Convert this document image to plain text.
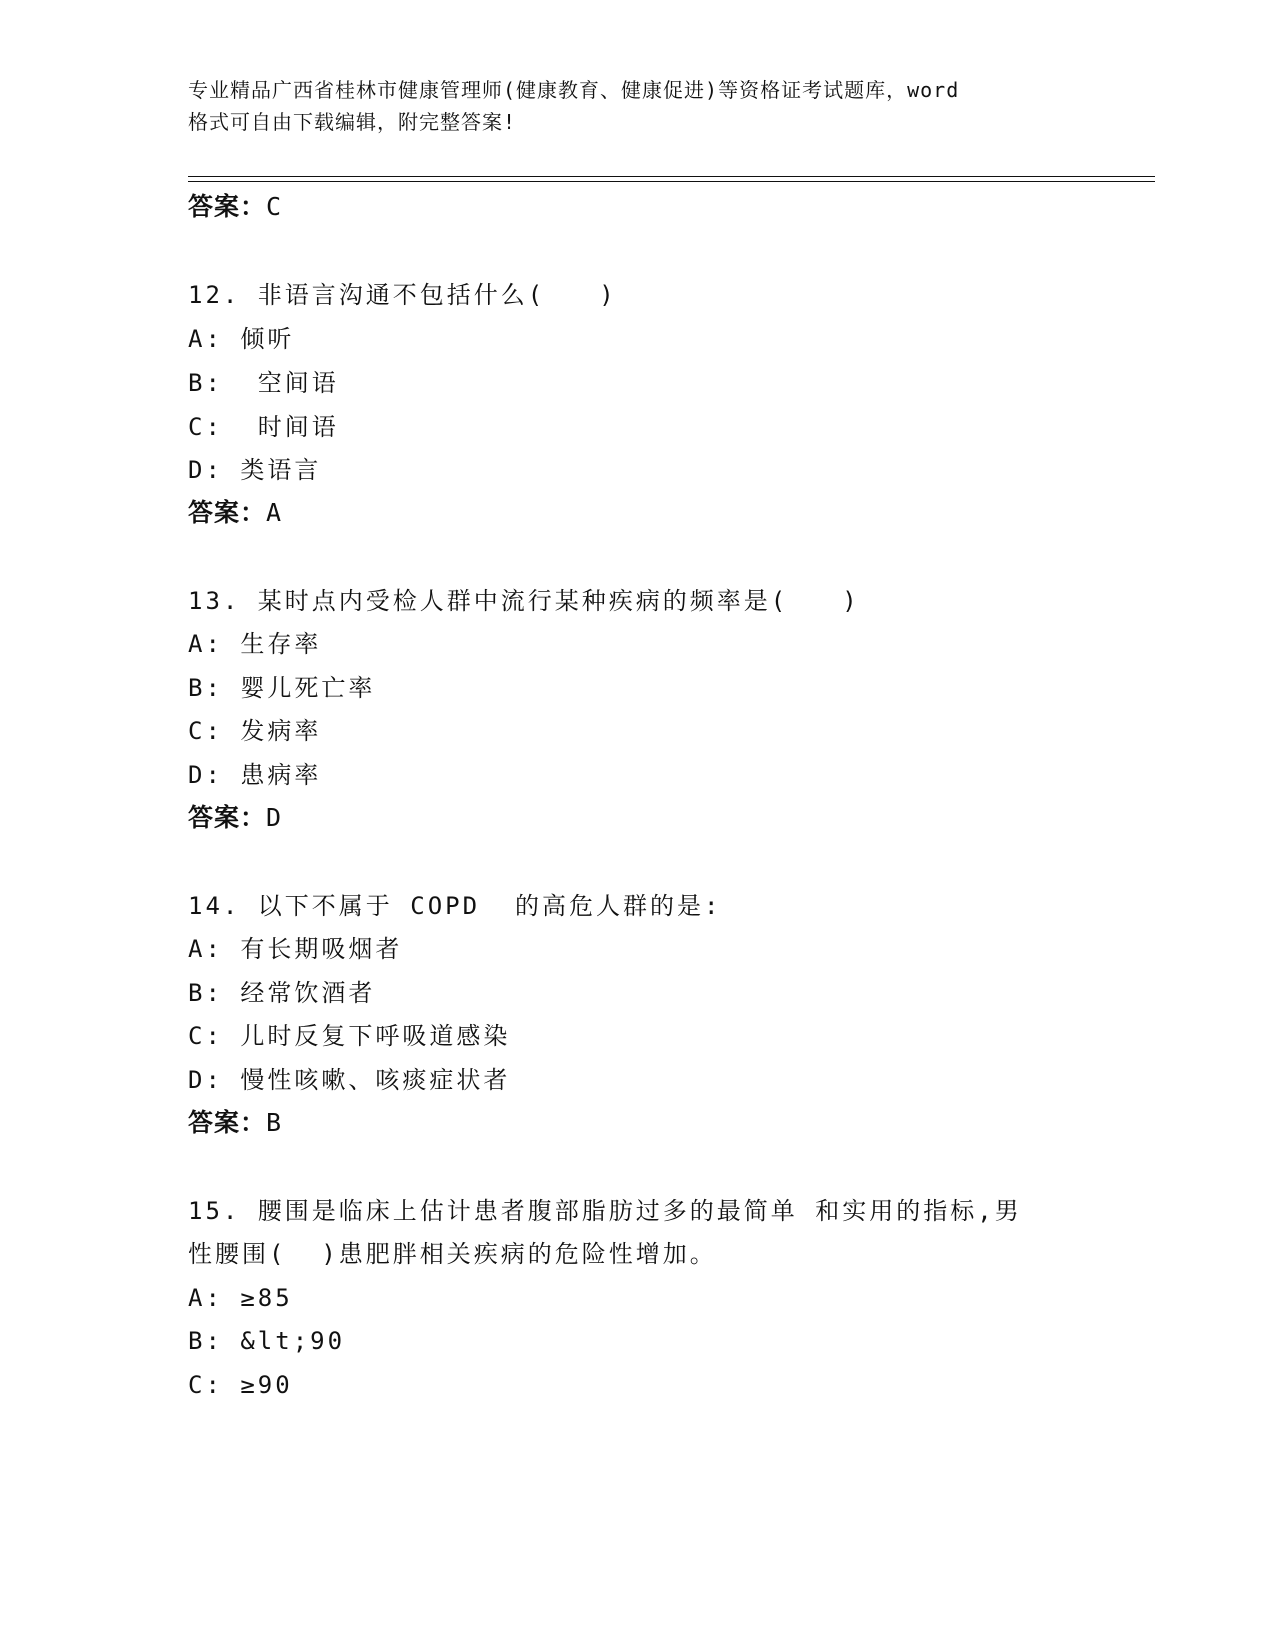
专业精品广西省桂林市健康管理师(健康教育、健康促进)等资格证考试题库，word
格式可自由下载编辑，附完整答案!
答案：C
12. 非语言沟通不包括什么(　　)
A: 倾听
B:  空间语
C:  时间语
D: 类语言
答案：A
13. 某时点内受检人群中流行某种疾病的频率是(　　)
A: 生存率
B: 婴儿死亡率
C: 发病率
D: 患病率
答案：D
14. 以下不属于 COPD  的高危人群的是:
A: 有长期吸烟者
B: 经常饮酒者
C: 儿时反复下呼吸道感染
D: 慢性咳嗽、咳痰症状者
答案：B
15. 腰围是临床上估计患者腹部脂肪过多的最简单 和实用的指标,男
性腰围(  )患肥胖相关疾病的危险性增加。
A: ≥85
B: &lt;90
C: ≥90
